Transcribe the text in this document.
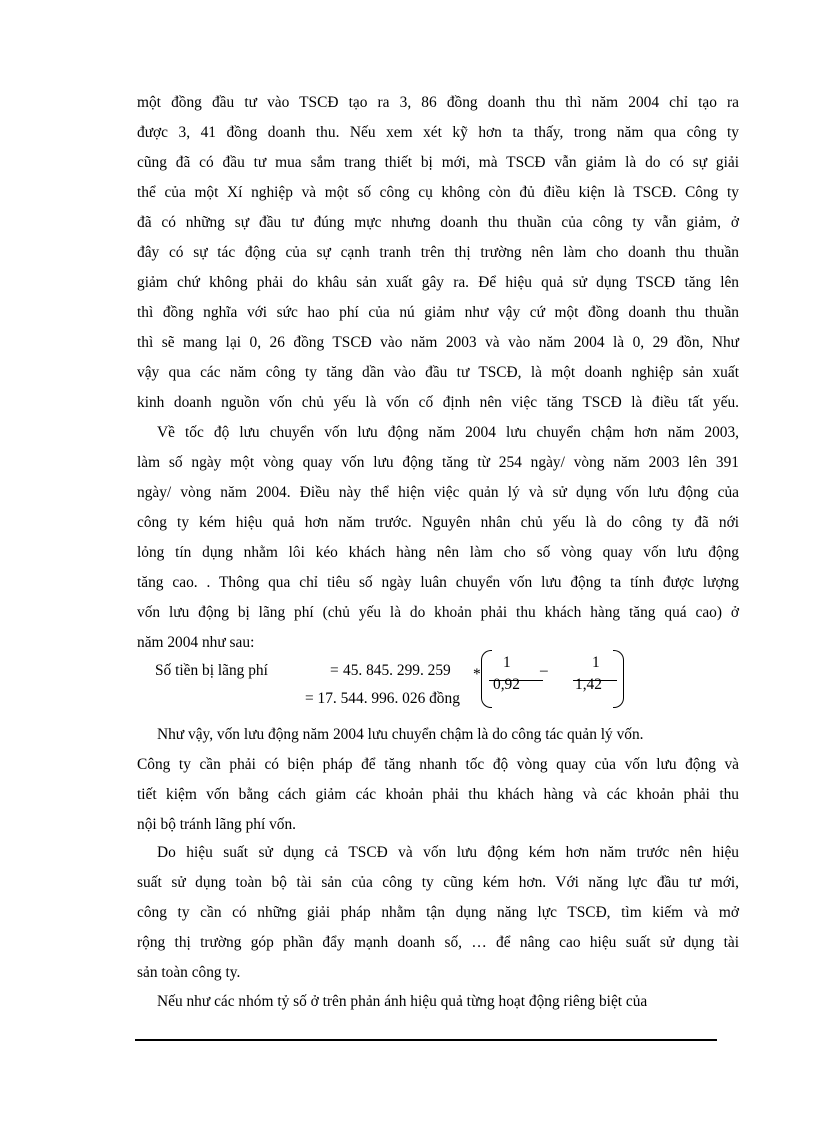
một đồng đầu tư vào TSCĐ tạo ra 3, 86 đồng doanh thu thì năm 2004 chỉ tạo ra
được 3, 41 đồng doanh thu. Nếu xem xét kỹ hơn ta thấy, trong năm qua công ty
cũng đã có đầu tư mua sắm trang thiết bị mới, mà TSCĐ vẫn giảm là do có sự giải
thể của một Xí nghiệp và một số công cụ không còn đủ điều kiện là TSCĐ. Công ty
đã có những sự đầu tư đúng mực nhưng doanh thu thuần của công ty vẫn giảm, ở
đây có sự tác động của sự cạnh tranh trên thị trường nên làm cho doanh thu thuần
giảm chứ không phải do khâu sản xuất gây ra. Để hiệu quả sử dụng TSCĐ tăng lên
thì đồng nghĩa với sức hao phí của nú giảm như vậy cứ một đồng doanh thu thuần
thì sẽ mang lại 0, 26 đồng TSCĐ vào năm 2003 và vào năm 2004 là 0, 29 đồn, Như
vậy qua các năm công ty tăng dần vào đầu tư TSCĐ, là một doanh nghiệp sản xuất
kinh doanh nguồn vốn chủ yếu là vốn cố định nên việc tăng TSCĐ là điều tất yếu.
Về tốc độ lưu chuyển vốn lưu động năm 2004 lưu chuyển chậm hơn năm 2003,
làm số ngày một vòng quay vốn lưu động tăng từ 254 ngày/ vòng năm 2003 lên 391
ngày/ vòng năm 2004. Điều này thể hiện việc quản lý và sử dụng vốn lưu động của
công ty kém hiệu quả hơn năm trước. Nguyên nhân chủ yếu là do công ty đã nới
lỏng tín dụng nhằm lôi kéo khách hàng nên làm cho số vòng quay vốn lưu động
tăng cao. . Thông qua chỉ tiêu số ngày luân chuyển vốn lưu động ta tính được lượng
vốn lưu động bị lãng phí (chủ yếu là do khoản phải thu khách hàng tăng quá cao) ở
năm 2004 như sau:
Số tiền bị lãng phí	= 45. 845. 299. 259 *
1
0,92
–	1
1,42
= 17. 544. 996. 026 đồng
Như vậy, vốn lưu động năm 2004 lưu chuyển chậm là do công tác quản lý vốn.
Công ty cần phải có biện pháp để tăng nhanh tốc độ vòng quay của vốn lưu động và
tiết kiệm vốn bằng cách giảm các khoản phải thu khách hàng và các khoản phải thu
nội bộ tránh lãng phí vốn.
Do hiệu suất sử dụng cả TSCĐ và vốn lưu động kém hơn năm trước nên hiệu
suất sử dụng toàn bộ tài sản của công ty cũng kém hơn. Với năng lực đầu tư mới,
công ty cần có những giải pháp nhằm tận dụng năng lực TSCĐ, tìm kiếm và mở
rộng thị trường góp phần đẩy mạnh doanh số, … để nâng cao hiệu suất sử dụng tài
sản toàn công ty.
Nếu như các nhóm tỷ số ở trên phản ánh hiệu quả từng hoạt động riêng biệt của
